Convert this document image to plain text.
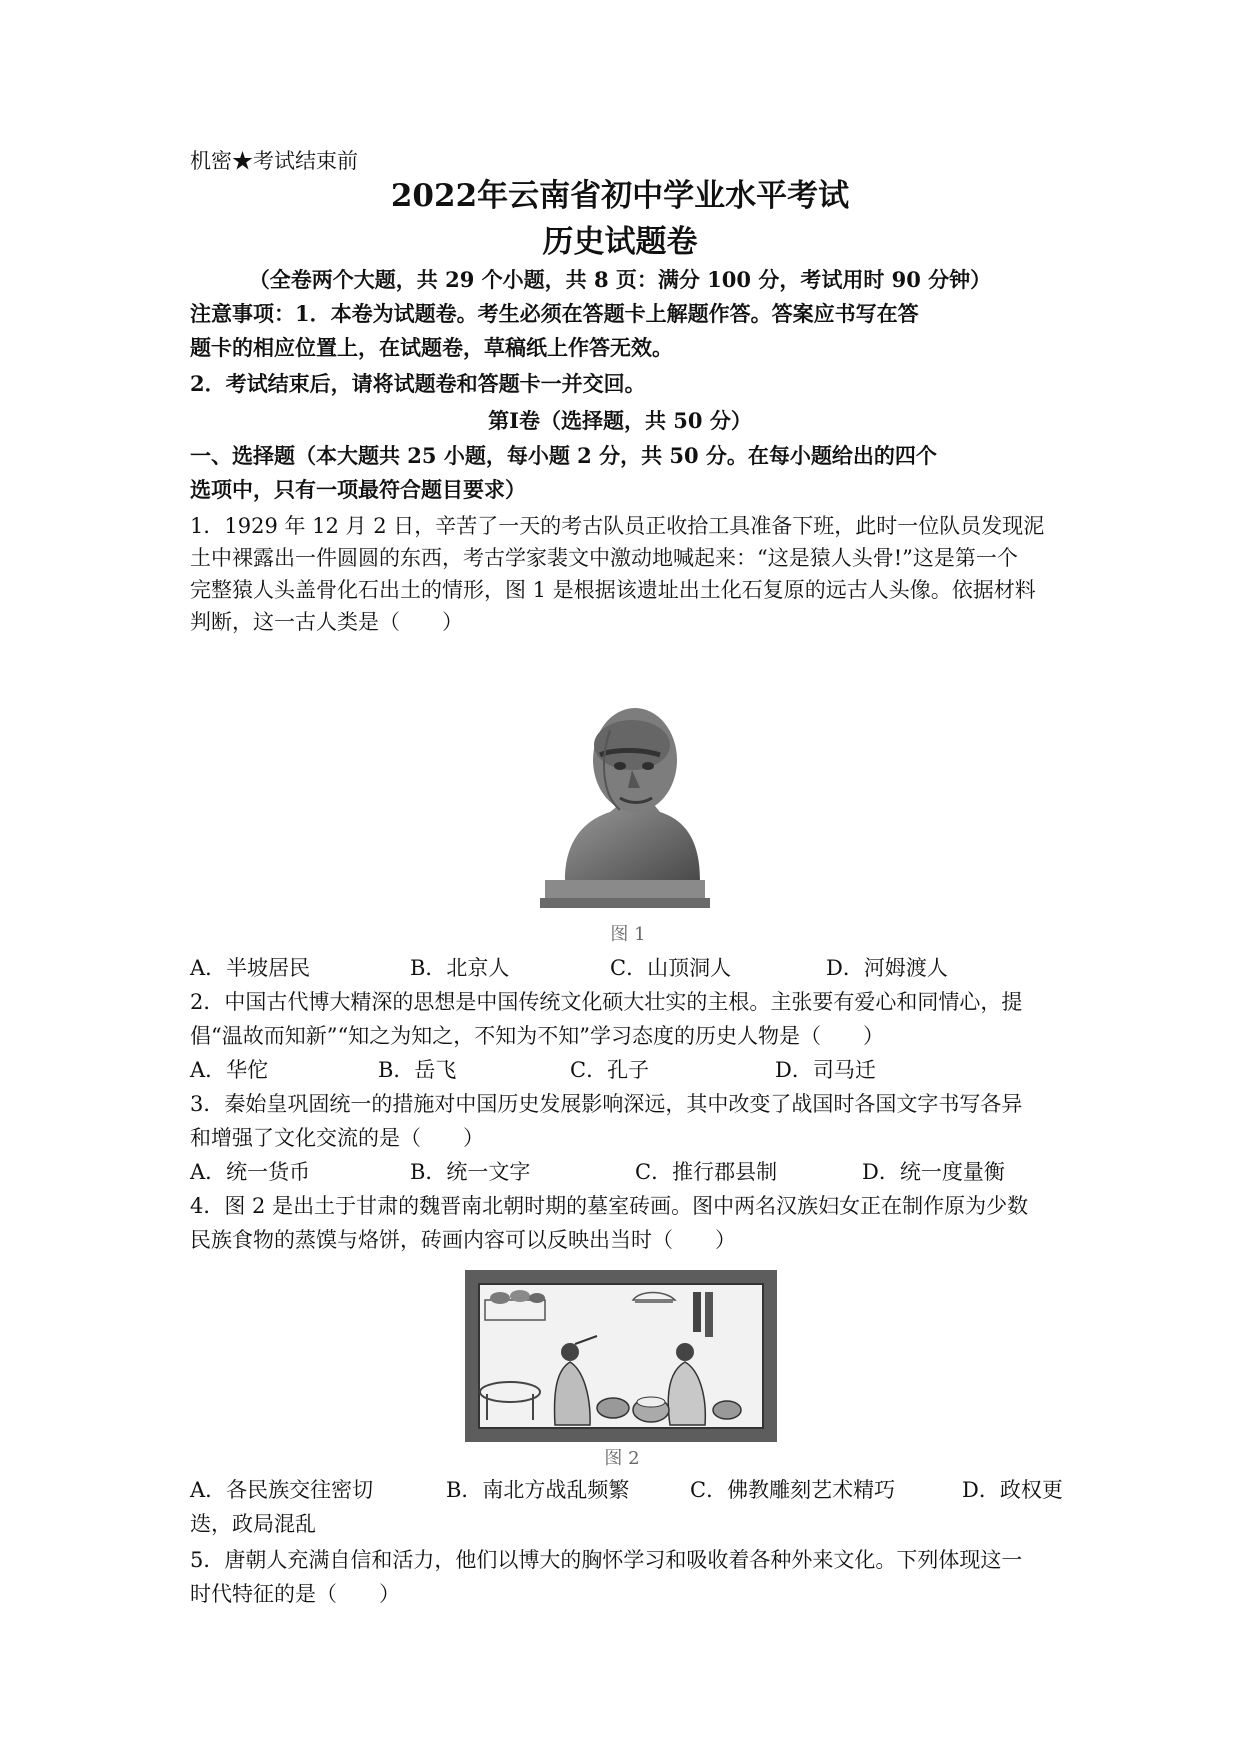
机密★考试结束前
2022年云南省初中学业水平考试
历史试题卷
（全卷两个大题，共 29 个小题，共 8 页：满分 100 分，考试用时 90 分钟）
注意事项：1．本卷为试题卷。考生必须在答题卡上解题作答。答案应书写在答
题卡的相应位置上，在试题卷，草稿纸上作答无效。
2．考试结束后，请将试题卷和答题卡一并交回。
第Ⅰ卷（选择题，共 50 分）
一、选择题（本大题共 25 小题，每小题 2 分，共 50 分。在每小题给出的四个
选项中，只有一项最符合题目要求）
1．1929 年 12 月 2 日，辛苦了一天的考古队员正收拾工具准备下班，此时一位队员发现泥
土中裸露出一件圆圆的东西，考古学家裴文中激动地喊起来：“这是猿人头骨!”这是第一个
完整猿人头盖骨化石出土的情形，图 1 是根据该遗址出土化石复原的远古人头像。依据材料
判断，这一古人类是（　　）
图 1
A．半坡居民	B．北京人	C．山顶洞人	D．河姆渡人
2．中国古代博大精深的思想是中国传统文化硕大壮实的主根。主张要有爱心和同情心，提
倡“温故而知新”“知之为知之，不知为不知”学习态度的历史人物是（　　）
A．华佗	B．岳飞	C．孔子	D．司马迁
3．秦始皇巩固统一的措施对中国历史发展影响深远，其中改变了战国时各国文字书写各异
和增强了文化交流的是（　　）
A．统一货币	B．统一文字	C．推行郡县制	D．统一度量衡
4．图 2 是出土于甘肃的魏晋南北朝时期的墓室砖画。图中两名汉族妇女正在制作原为少数
民族食物的蒸馍与烙饼，砖画内容可以反映出当时（　　）
图 2
A．各民族交往密切	B．南北方战乱频繁	C．佛教雕刻艺术精巧	D．政权更
迭，政局混乱
5．唐朝人充满自信和活力，他们以博大的胸怀学习和吸收着各种外来文化。下列体现这一
时代特征的是（　　）
